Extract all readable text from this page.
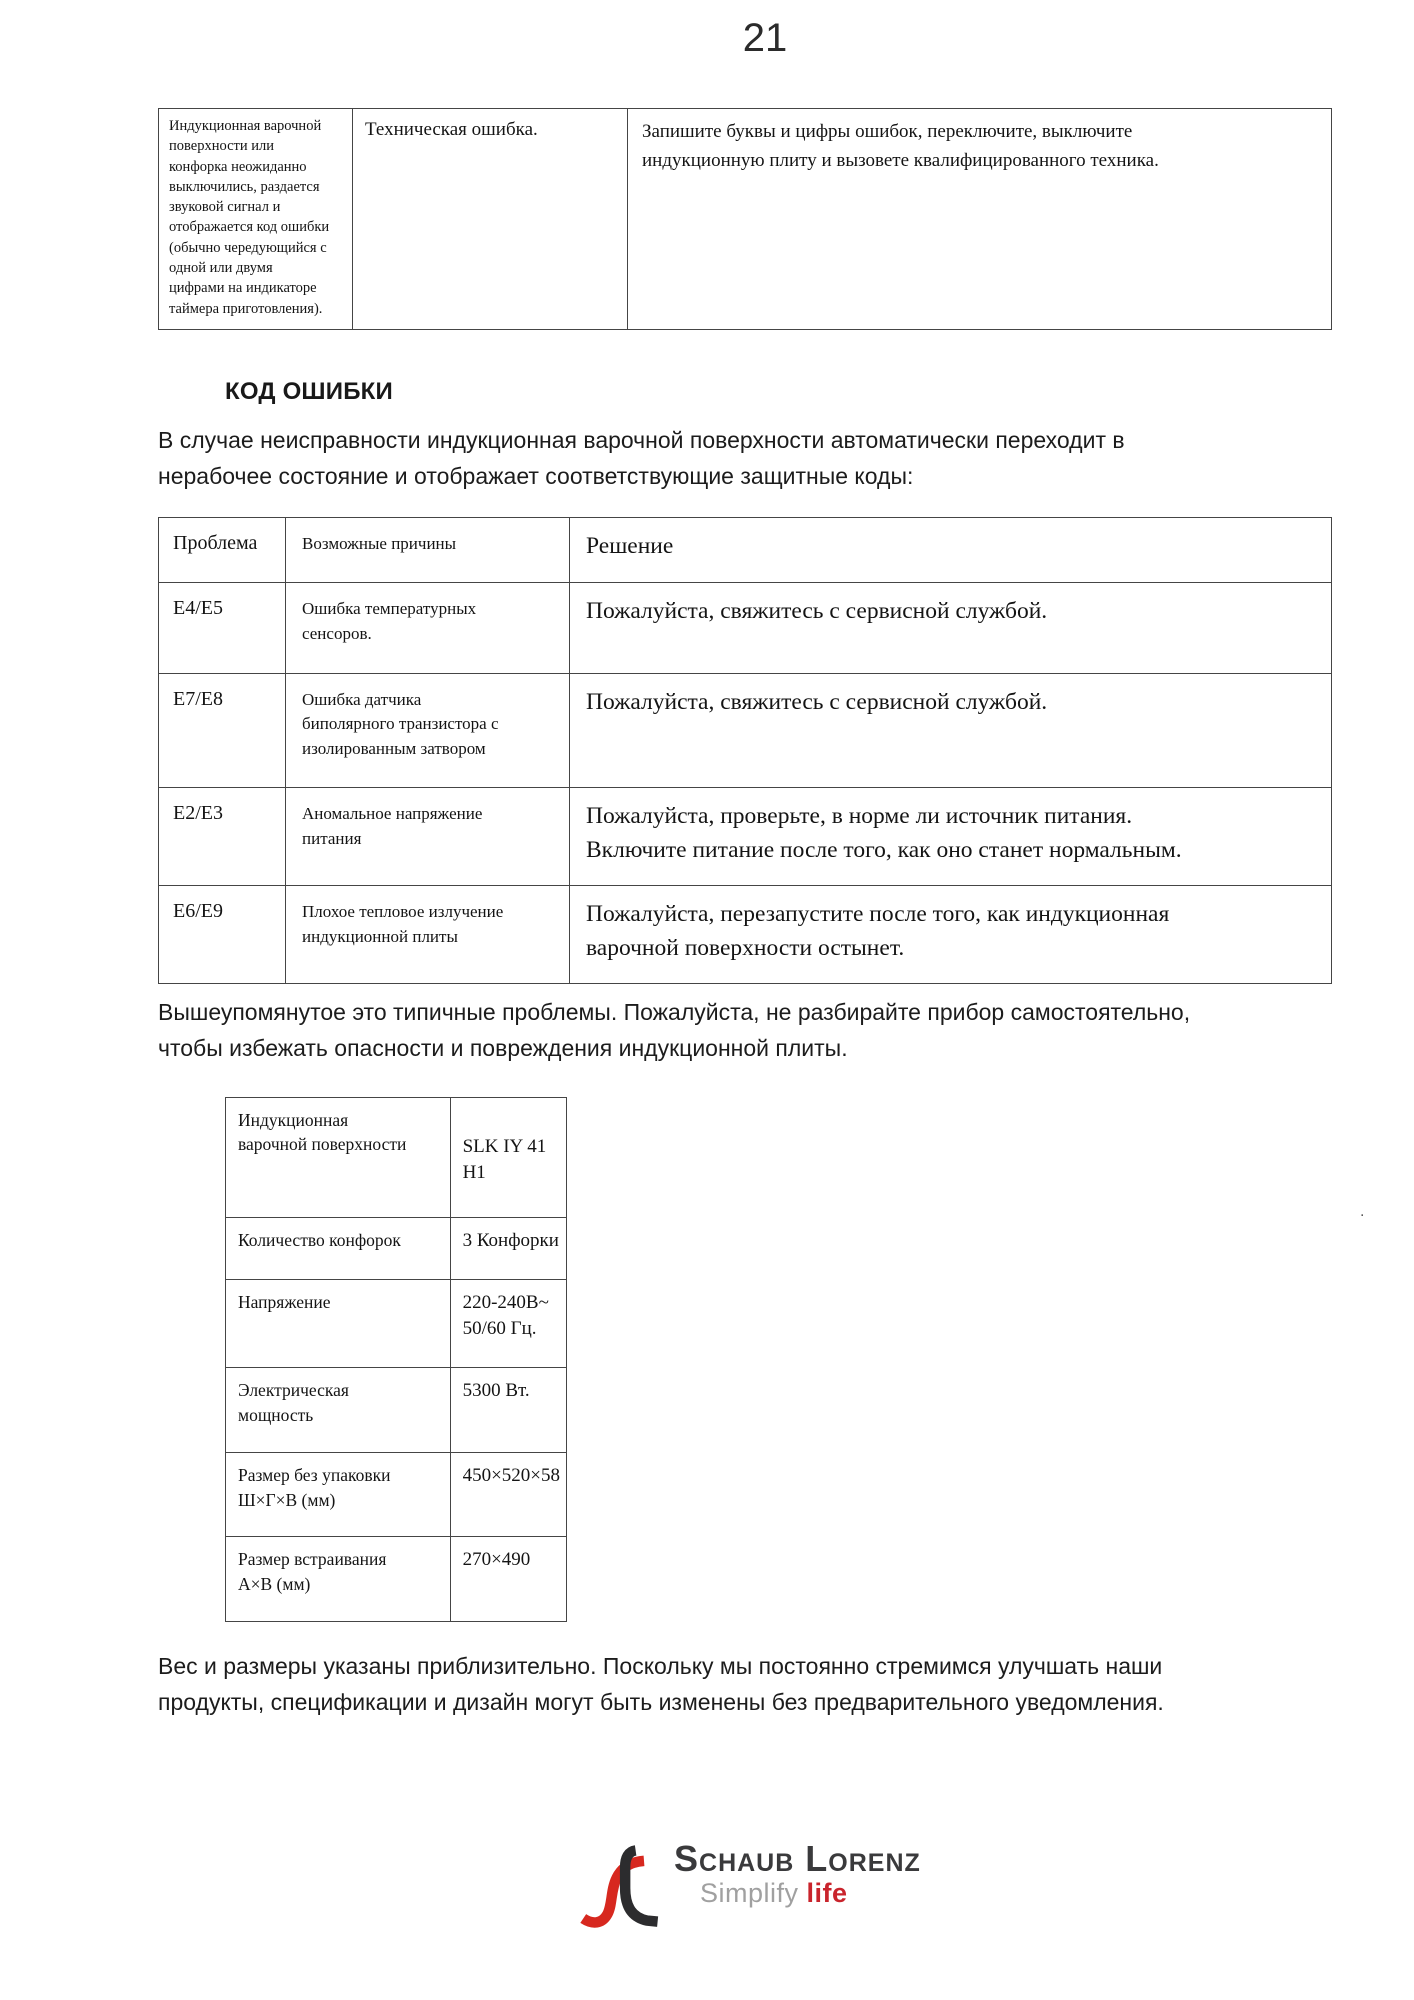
21
Индукционная варочной
поверхности или
конфорка неожиданно
выключились, раздается
звуковой сигнал и
отображается код ошибки
(обычно чередующийся с
одной или двумя
цифрами на индикаторе
таймера приготовления).	Техническая ошибка.	Запишите буквы и цифры ошибок, переключите, выключите
индукционную плиту и вызовете квалифицированного техника.
КОД ОШИБКИ

В случае неисправности индукционная варочной поверхности автоматически переходит в
нерабочее состояние и отображает соответствующие защитные коды:

Проблема	Возможные причины	Решение
E4/E5	Ошибка температурных
сенсоров.	Пожалуйста, свяжитесь с сервисной службой.
E7/E8	Ошибка датчика
биполярного транзистора с
изолированным затвором	Пожалуйста, свяжитесь с сервисной службой.
E2/E3	Аномальное напряжение
питания	Пожалуйста, проверьте, в норме ли источник питания.
Включите питание после того, как оно станет нормальным.
E6/E9	Плохое тепловое излучение
индукционной плиты	Пожалуйста, перезапустите после того, как индукционная
варочной поверхности остынет.

Вышеупомянутое это типичные проблемы. Пожалуйста, не разбирайте прибор самостоятельно,
чтобы избежать опасности и повреждения индукционной плиты.

Индукционная
варочной поверхности	SLK IY 41 H1
Количество конфорок	3 Конфорки
Напряжение	220-240В~ 50/60 Гц.
Электрическая
мощность	5300 Вт.
Размер без упаковки
Ш×Г×В (мм)	450×520×58
Размер встраивания
А×В (мм)	270×490

Вес и размеры указаны приблизительно. Поскольку мы постоянно стремимся улучшать наши
продукты, спецификации и дизайн могут быть изменены без предварительного уведомления.

.
Schaub Lorenz
Simplify life
